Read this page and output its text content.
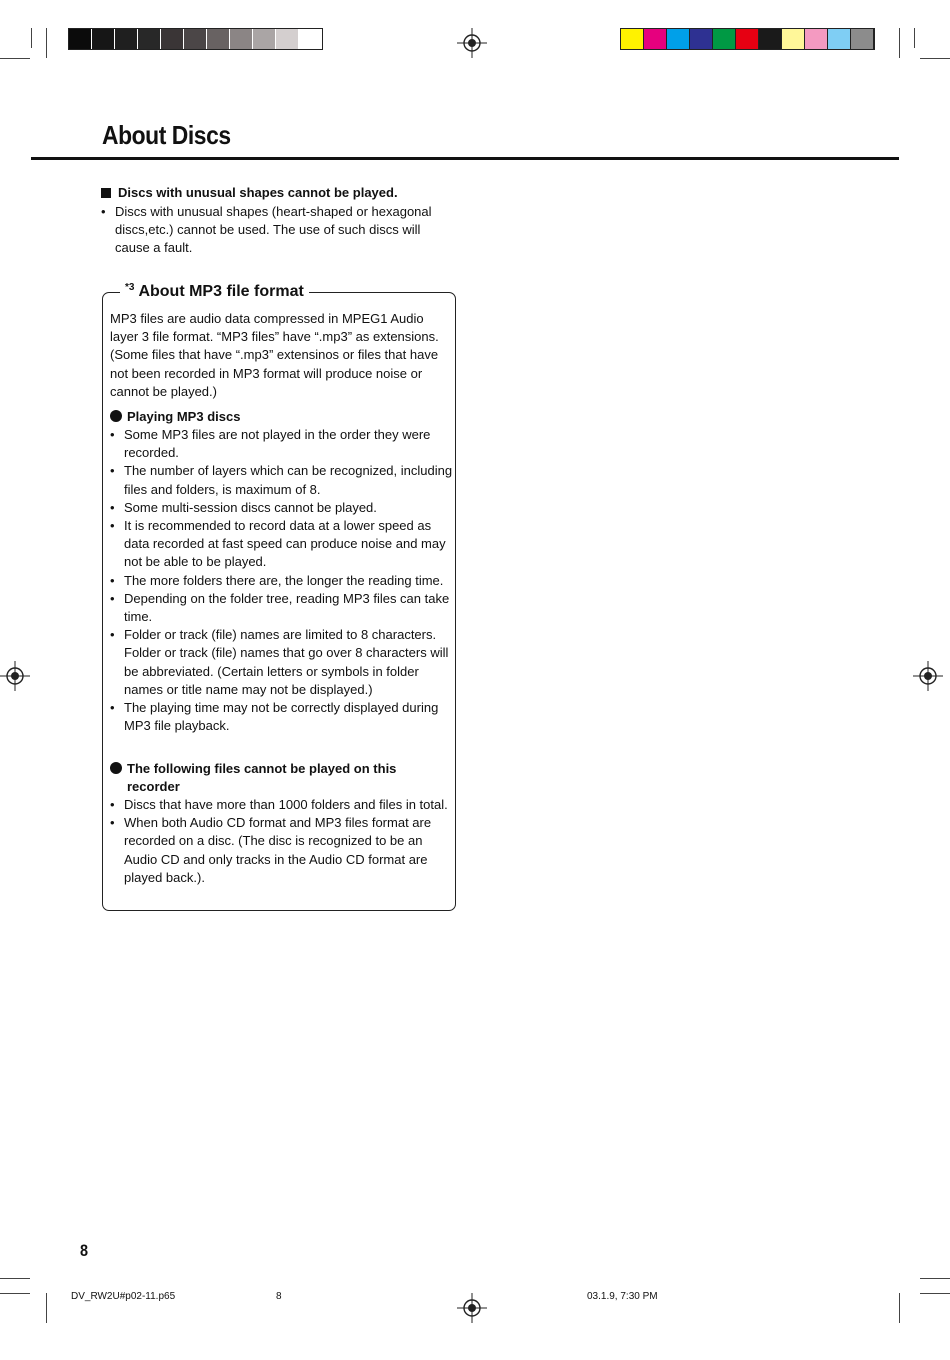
About Discs
Discs with unusual shapes cannot be played.
• Discs with unusual shapes (heart-shaped or hexagonal discs,etc.) cannot be used. The use of such discs will cause a fault.
$^{*3}$ About MP3 file format
MP3 files are audio data compressed in MPEG1 Audio layer 3 file format. “MP3 files” have “.mp3” as extensions. (Some files that have “.mp3” extensinos or files that have not been recorded in MP3 format will produce noise or cannot be played.)
Playing MP3 discs
• Some MP3 files are not played in the order they were recorded.
• The number of layers which can be recognized, including files and folders, is maximum of 8.
• Some multi-session discs cannot be played.
• It is recommended to record data at a lower speed as data recorded at fast speed can produce noise and may not be able to be played.
• The more folders there are, the longer the reading time.
• Depending on the folder tree, reading MP3 files can take time.
• Folder or track (file) names are limited to 8 characters. Folder or track (file) names that go over 8 characters will be abbreviated. (Certain letters or symbols in folder names or title name may not be displayed.)
• The playing time may not be correctly displayed during MP3 file playback.
The following files cannot be played on this recorder
• Discs that have more than 1000 folders and files in total.
• When both Audio CD format and MP3 files format are recorded on a disc. (The disc is recognized to be an Audio CD and only tracks in the Audio CD format are played back.).
8
DV_RW2U#p02-11.p65	8	03.1.9, 7:30 PM
